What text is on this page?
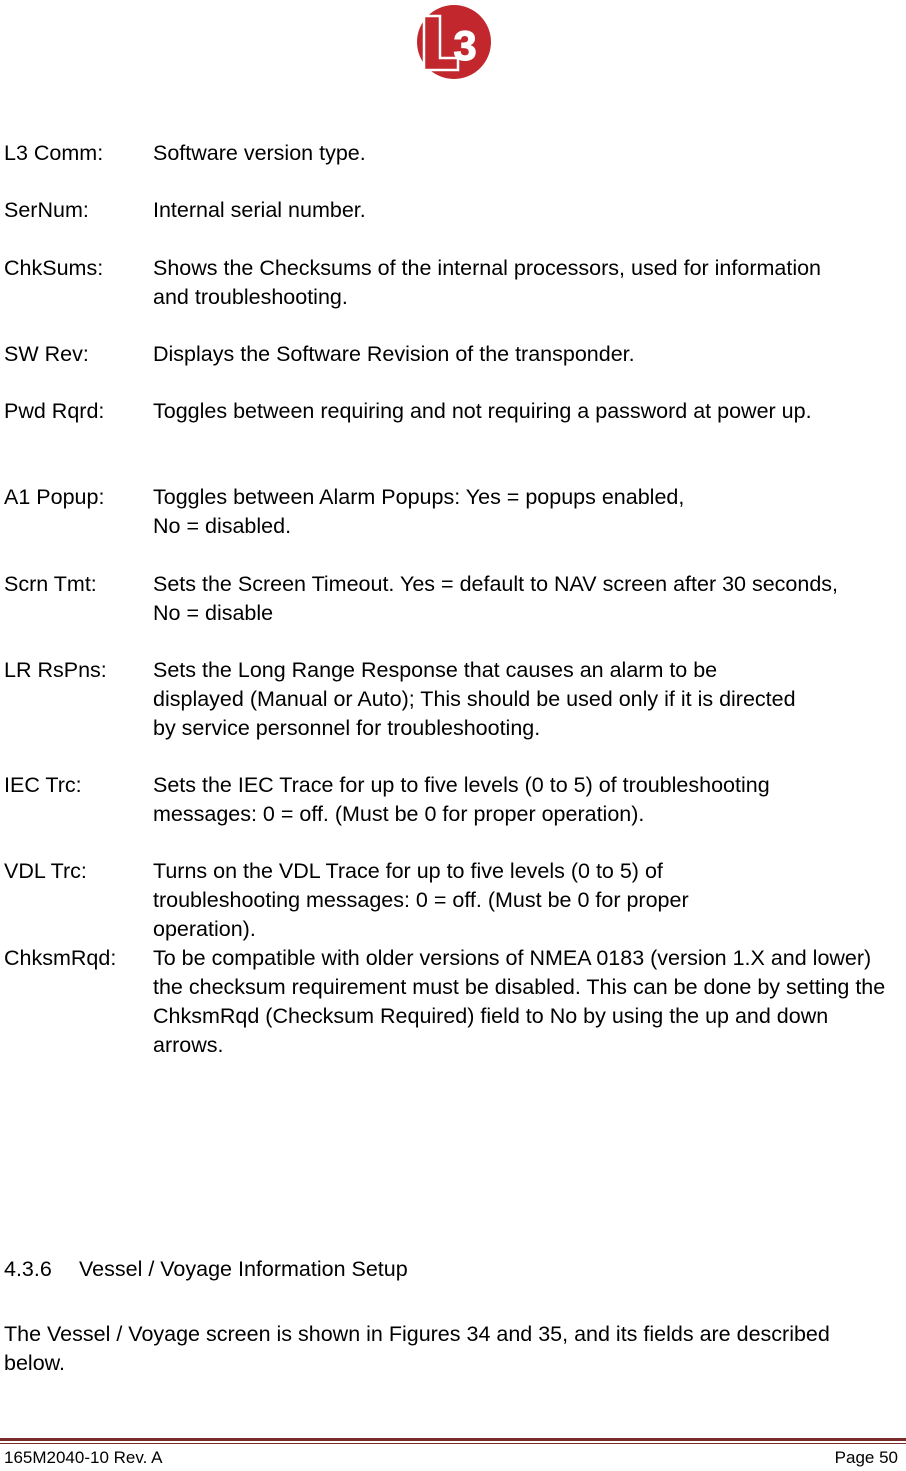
3
L3 Comm: Software version type.
SerNum:	Internal serial number.
ChkSums: Shows the Checksums of the internal processors, used for information and troubleshooting.
SW Rev:	Displays the Software Revision of the transponder.
Pwd Rqrd: Toggles between requiring and not requiring a password at power up.
A1 Popup: Toggles between Alarm Popups: Yes = popups enabled,
No = disabled.
Scrn Tmt:	Sets the Screen Timeout. Yes = default to NAV screen after 30 seconds, No = disable
LR RsPns: Sets the Long Range Response that causes an alarm to be displayed (Manual or Auto); This should be used only if it is directed by service personnel for troubleshooting.
IEC Trc:	Sets the IEC Trace for up to five levels (0 to 5) of troubleshooting messages: 0 = off. (Must be 0 for proper operation).
VDL Trc:	Turns on the VDL Trace for up to five levels (0 to 5) of troubleshooting messages: 0 = off. (Must be 0 for proper operation).
ChksmRqd: To be compatible with older versions of NMEA 0183 (version 1.X and lower) the checksum requirement must be disabled. This can be done by setting the ChksmRqd (Checksum Required) field to No by using the up and down arrows.
4.3.6 Vessel / Voyage Information Setup
The Vessel / Voyage screen is shown in Figures 34 and 35, and its fields are described below.
165M2040-10 Rev. A	Page 50
